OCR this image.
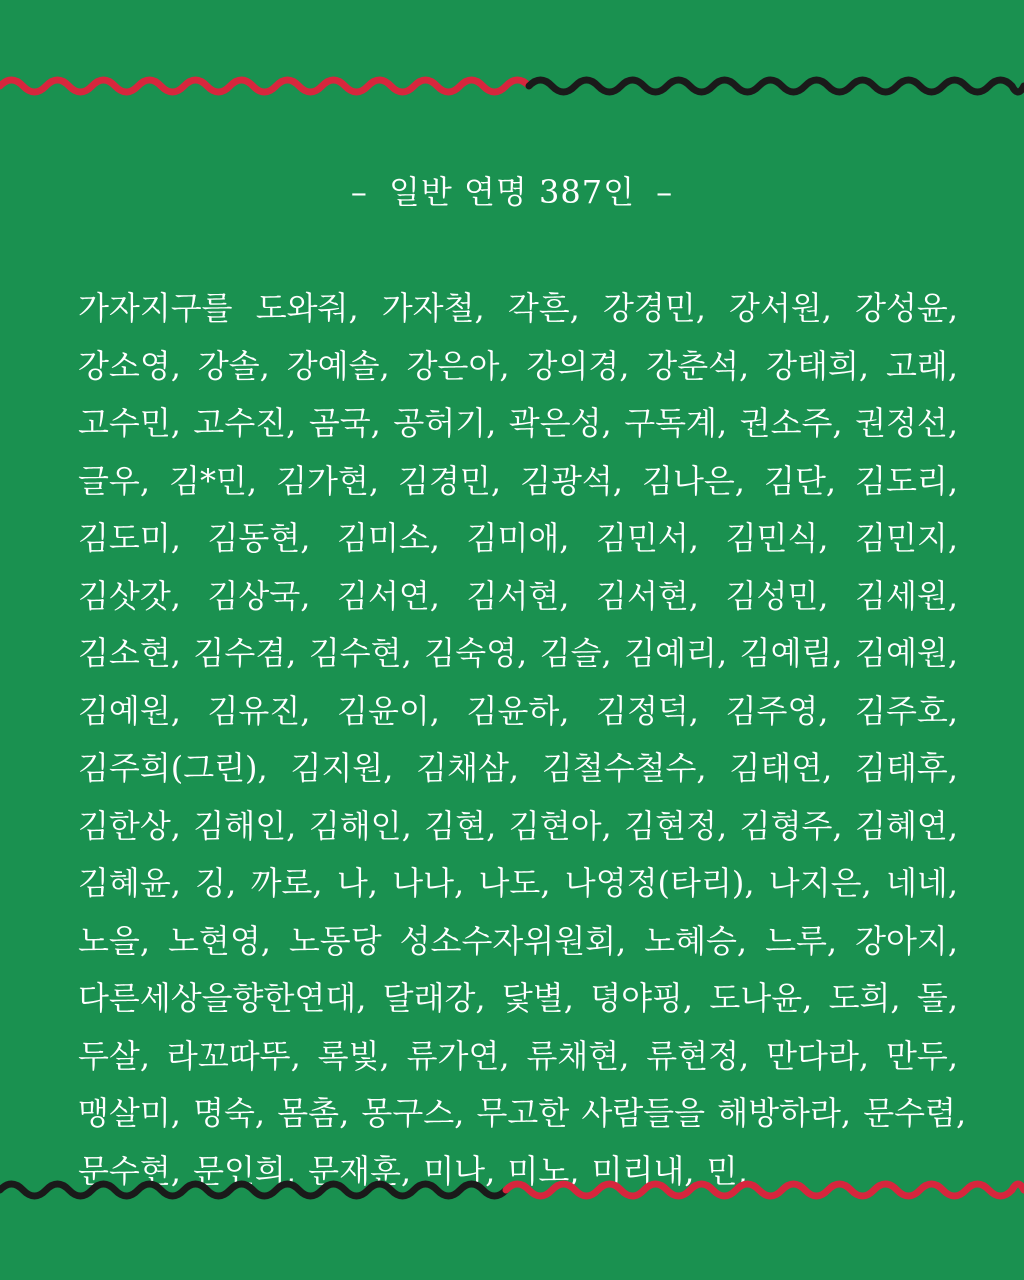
– 일반 연명 387인 –
가자지구를 도와줘, 가자철, 각흔, 강경민, 강서원, 강성윤,
강소영, 강솔, 강예솔, 강은아, 강의경, 강춘석, 강태희, 고래,
고수민, 고수진, 곰국, 공허기, 곽은성, 구독계, 권소주, 권정선,
글우, 김*민, 김가현, 김경민, 김광석, 김나은, 김단, 김도리,
김도미, 김동현, 김미소, 김미애, 김민서, 김민식, 김민지,
김삿갓, 김상국, 김서연, 김서현, 김서현, 김성민, 김세원,
김소현, 김수겸, 김수현, 김숙영, 김슬, 김예리, 김예림, 김예원,
김예원, 김유진, 김윤이, 김윤하, 김정덕, 김주영, 김주호,
김주희(그린), 김지원, 김채삼, 김철수철수, 김태연, 김태후,
김한상, 김해인, 김해인, 김현, 김현아, 김현정, 김형주, 김혜연,
김혜윤, 깅, 까로, 나, 나나, 나도, 나영정(타리), 나지은, 네네,
노을, 노현영, 노동당 성소수자위원회, 노혜승, 느루, 강아지,
다른세상을향한연대, 달래강, 닻별, 뎡야핑, 도나윤, 도희, 돌,
두살, 라꼬따뚜, 록빛, 류가연, 류채현, 류현정, 만다라, 만두,
맹살미, 명숙, 몸촘, 몽구스, 무고한 사람들을 해방하라, 문수렴,
문수현, 문인희, 문재훈, 미나, 미노, 미리내, 민,
